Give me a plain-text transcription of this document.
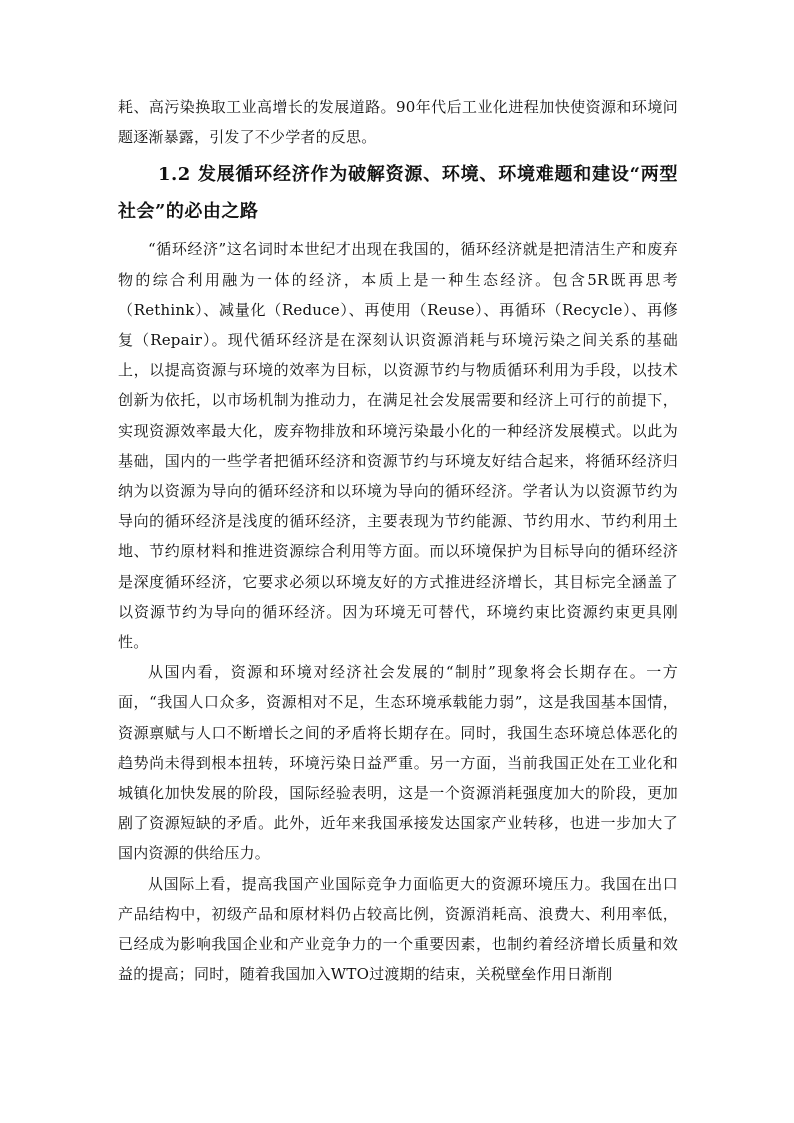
耗、高污染换取工业高增长的发展道路。90年代后工业化进程加快使资源和环境问题逐渐暴露，引发了不少学者的反思。

1.2 发展循环经济作为破解资源、环境、环境难题和建设“两型社会”的必由之路

“循环经济”这名词时本世纪才出现在我国的，循环经济就是把清洁生产和废弃物的综合利用融为一体的经济，本质上是一种生态经济。包含5R既再思考（Rethink）、减量化（Reduce）、再使用（Reuse）、再循环（Recycle）、再修复（Repair）。现代循环经济是在深刻认识资源消耗与环境污染之间关系的基础上，以提高资源与环境的效率为目标，以资源节约与物质循环利用为手段，以技术创新为依托，以市场机制为推动力，在满足社会发展需要和经济上可行的前提下，实现资源效率最大化，废弃物排放和环境污染最小化的一种经济发展模式。以此为基础，国内的一些学者把循环经济和资源节约与环境友好结合起来，将循环经济归纳为以资源为导向的循环经济和以环境为导向的循环经济。学者认为以资源节约为导向的循环经济是浅度的循环经济，主要表现为节约能源、节约用水、节约利用土地、节约原材料和推进资源综合利用等方面。而以环境保护为目标导向的循环经济是深度循环经济，它要求必须以环境友好的方式推进经济增长，其目标完全涵盖了以资源节约为导向的循环经济。因为环境无可替代，环境约束比资源约束更具刚性。

从国内看，资源和环境对经济社会发展的“制肘”现象将会长期存在。一方面，“我国人口众多，资源相对不足，生态环境承载能力弱”，这是我国基本国情，资源禀赋与人口不断增长之间的矛盾将长期存在。同时，我国生态环境总体恶化的趋势尚未得到根本扭转，环境污染日益严重。另一方面，当前我国正处在工业化和城镇化加快发展的阶段，国际经验表明，这是一个资源消耗强度加大的阶段，更加剧了资源短缺的矛盾。此外，近年来我国承接发达国家产业转移，也进一步加大了国内资源的供给压力。

从国际上看，提高我国产业国际竞争力面临更大的资源环境压力。我国在出口产品结构中，初级产品和原材料仍占较高比例，资源消耗高、浪费大、利用率低，已经成为影响我国企业和产业竞争力的一个重要因素，也制约着经济增长质量和效益的提高；同时，随着我国加入WTO过渡期的结束，关税壁垒作用日渐削
